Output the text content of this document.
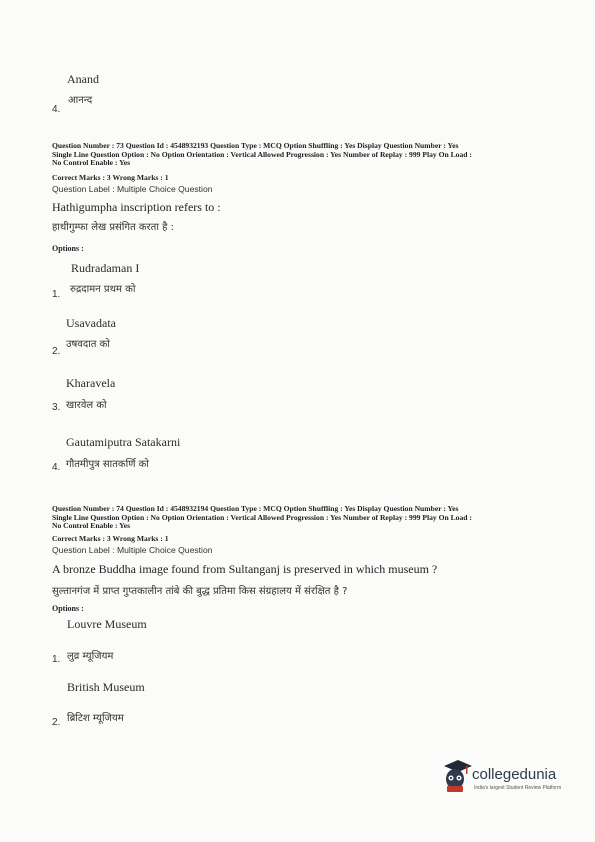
Anand
आनन्द
4.
Question Number : 73 Question Id : 4548932193 Question Type : MCQ Option Shuffling : Yes Display Question Number : Yes
Single Line Question Option : No Option Orientation : Vertical Allowed Progression : Yes Number of Replay : 999 Play On Load :
No Control Enable : Yes
Correct Marks : 3 Wrong Marks : 1
Question Label : Multiple Choice Question
Hathigumpha inscription refers to :
हाथीगुम्फा लेख प्रसंगित करता है :
Options :
Rudradaman I
रुद्रदामन प्रथम को
1.
Usavadata
उषवदात को
2.
Kharavela
खारवेल को
3.
Gautamiputra Satakarni
गौतमीपुत्र सातकर्णि को
4.
Question Number : 74 Question Id : 4548932194 Question Type : MCQ Option Shuffling : Yes Display Question Number : Yes
Single Line Question Option : No Option Orientation : Vertical Allowed Progression : Yes Number of Replay : 999 Play On Load :
No Control Enable : Yes
Correct Marks : 3 Wrong Marks : 1
Question Label : Multiple Choice Question
A bronze Buddha image found from Sultanganj is preserved in which museum ?
सुल्तानगंज में प्राप्त गुप्तकालीन तांबे की बुद्ध प्रतिमा किस संग्रहालय में संरक्षित है ?
Options :
Louvre Museum
लुव्र म्यूजियम
1.
British Museum
ब्रिटिश म्यूजियम
2.
collegedunia
India's largest Student Review Platform
